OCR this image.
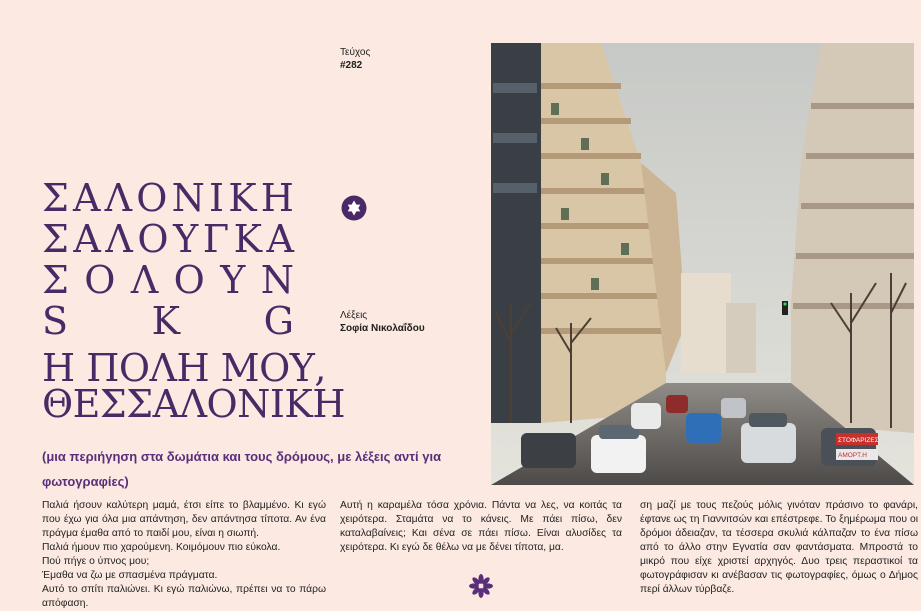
Τεύχος
#282
ΣΤΟΦΑΡΙΖΕΣ
ΑΜΟΡΤ.Η
Σ Α Λ Ο Ν Ι Κ Η
Σ Α Λ Ο Υ Γ Κ Α
Σ Ο Λ Ο Υ Ν
S K G	Λέξεις
Σοφία Νικολαΐδου
Η ΠΟΛΗ ΜΟΥ, ΘΕΣΣΑΛΟΝΙΚΗ
(μια περιήγηση στα δωμάτια και τους δρόμους, με λέξεις αντί για φωτογραφίες)

Παλιά ήσουν καλύτερη μαμά, έτσι είπε το βλαμμένο. Κι εγώ που έχω για όλα μια απάντηση, δεν απάντησα τίποτα. Αν ένα πράγμα έμαθα από το παιδί μου, είναι η σιωπή.

Παλιά ήμουν πιο χαρούμενη. Κοιμόμουν πιο εύκολα.

Πού πήγε ο ύπνος μου;

Έμαθα να ζω με σπασμένα πράγματα.

Αυτό το σπίτι παλιώνει. Κι εγώ παλιώνω, πρέπει να το πάρω απόφαση.

Αυτή η καραμέλα τόσα χρόνια. Πάντα να λες, να κοιτάς τα χειρότερα. Σταμάτα να το κάνεις. Με πάει πίσω, δεν καταλαβαίνεις; Και σένα σε πάει πίσω. Είναι αλυσίδες τα χειρότερα. Κι εγώ δε θέλω να με δένει τίποτα, μα.

ση μαζί με τους πεζούς μόλις γινόταν πράσινο το φανάρι, έφτανε ως τη Γιαννιτσών και επέστρεφε. Το ξημέρωμα που οι δρόμοι άδειαζαν, τα τέσσερα σκυλιά κάλπαζαν το ένα πίσω από το άλλο στην Εγνατία σαν φαντάσματα. Μπροστά το μικρό που είχε χριστεί αρχηγός. Δυο τρεις περαστικοί τα φωτογράφισαν κι ανέβασαν τις φωτογραφίες, όμως ο Δήμος περί άλλων τύρβαζε.
